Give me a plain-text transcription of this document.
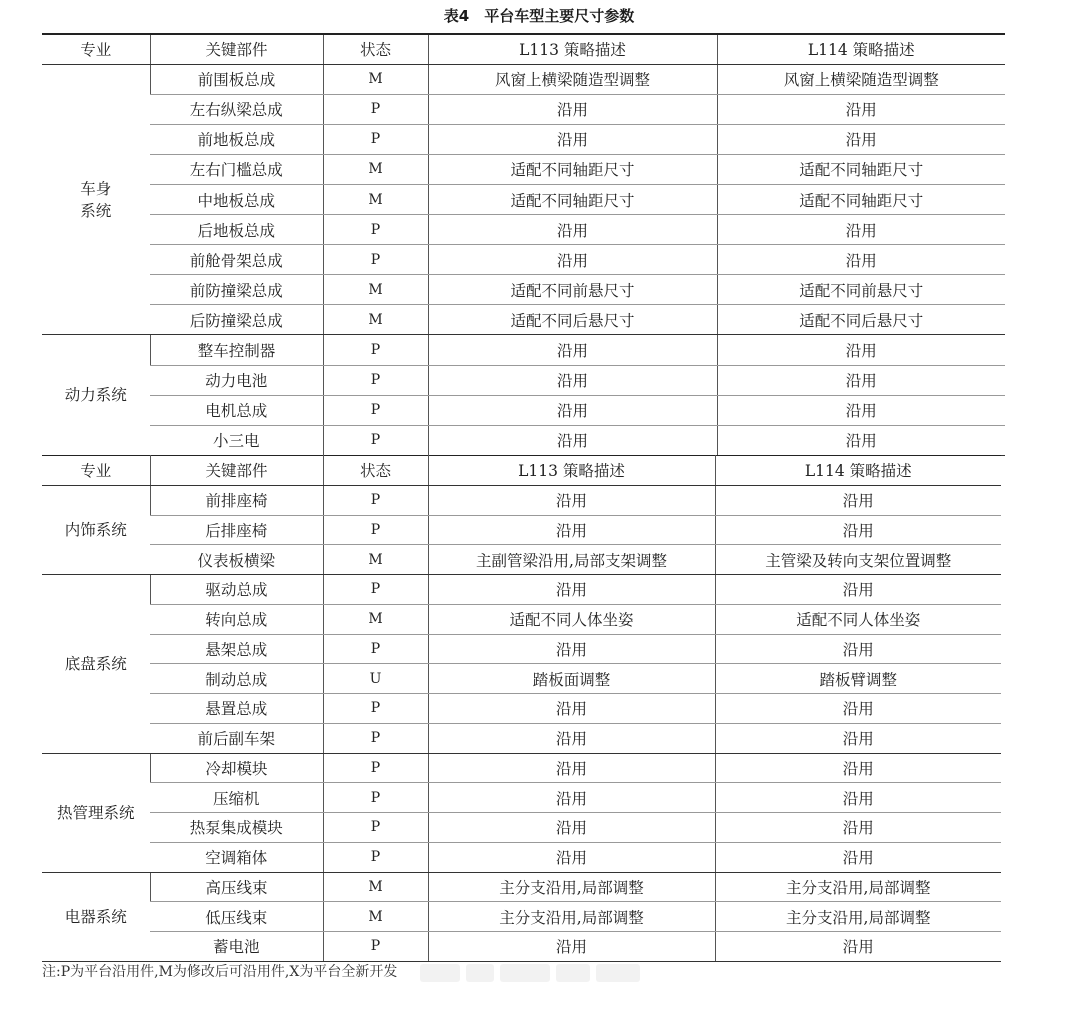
表4　平台车型主要尺寸参数
专业	关键部件	状态	L113 策略描述	L114 策略描述

车身
系统	前围板总成	M	风窗上横梁随造型调整	风窗上横梁随造型调整
	左右纵梁总成	P	沿用	沿用
	前地板总成	P	沿用	沿用
	左右门槛总成	M	适配不同轴距尺寸	适配不同轴距尺寸
	中地板总成	M	适配不同轴距尺寸	适配不同轴距尺寸
	后地板总成	P	沿用	沿用
	前舱骨架总成	P	沿用	沿用
	前防撞梁总成	M	适配不同前悬尺寸	适配不同前悬尺寸
	后防撞梁总成	M	适配不同后悬尺寸	适配不同后悬尺寸

动力系统	整车控制器	P	沿用	沿用
	动力电池	P	沿用	沿用
	电机总成	P	沿用	沿用
	小三电	P	沿用	沿用
专业	关键部件	状态	L113 策略描述	L114 策略描述

内饰系统	前排座椅	P	沿用	沿用
	后排座椅	P	沿用	沿用
	仪表板横梁	M	主副管梁沿用,局部支架调整	主管梁及转向支架位置调整

底盘系统	驱动总成	P	沿用	沿用
	转向总成	M	适配不同人体坐姿	适配不同人体坐姿
	悬架总成	P	沿用	沿用
	制动总成	U	踏板面调整	踏板臂调整
	悬置总成	P	沿用	沿用
	前后副车架	P	沿用	沿用

热管理系统	冷却模块	P	沿用	沿用
	压缩机	P	沿用	沿用
	热泵集成模块	P	沿用	沿用
	空调箱体	P	沿用	沿用

电器系统	高压线束	M	主分支沿用,局部调整	主分支沿用,局部调整
	低压线束	M	主分支沿用,局部调整	主分支沿用,局部调整
	蓄电池	P	沿用	沿用
注:P为平台沿用件,M为修改后可沿用件,X为平台全新开发
